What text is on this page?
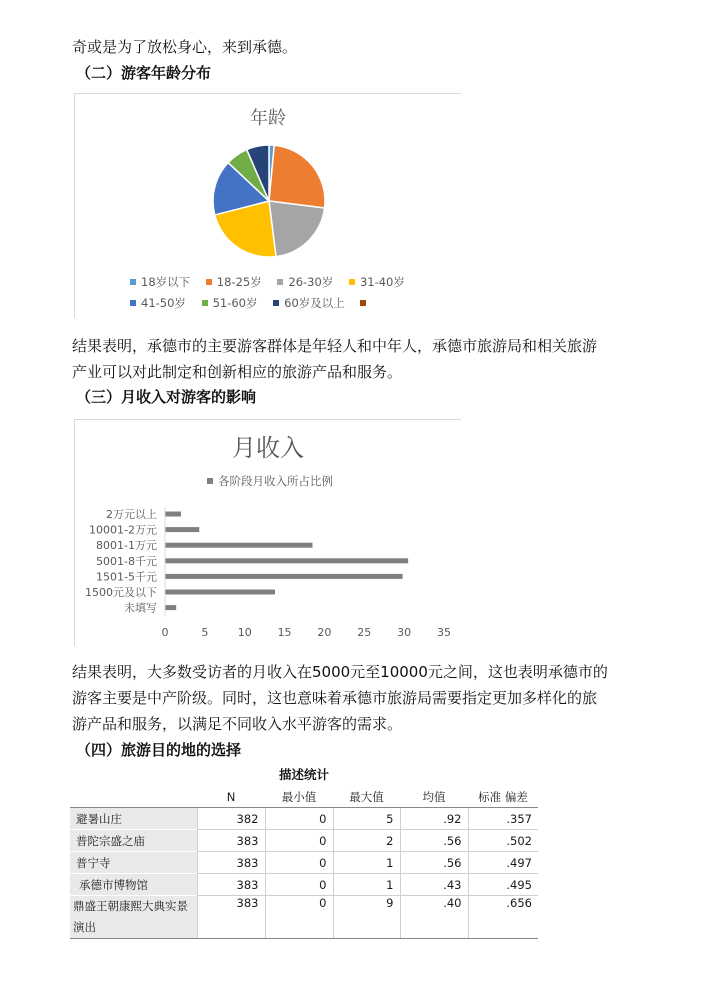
奇或是为了放松身心，来到承德。
（二）游客年龄分布
年龄
18岁以下 18-25岁 26-30岁 31-40岁
41-50岁 51-60岁 60岁及以上
结果表明，承德市的主要游客群体是年轻人和中年人，承德市旅游局和相关旅游
产业可以对此制定和创新相应的旅游产品和服务。
（三）月收入对游客的影响
月收入
各阶段月收入所占比例
2万元以上
10001-2万元
8001-1万元
5001-8千元
1501-5千元
1500元及以下
未填写
0	5	10 15 20 25 30 35
结果表明，大多数受访者的月收入在5000元至10000元之间，这也表明承德市的
游客主要是中产阶级。同时，这也意味着承德市旅游局需要指定更加多样化的旅
游产品和服务，以满足不同收入水平游客的需求。
（四）旅游目的地的选择
描述统计
	N	最小值	最大值	均值	标准 偏差
避暑山庄	382	0	5	.92	.357
普陀宗盛之庙	383	0	2	.56	.502
普宁寺	383	0	1	.56	.497
承德市博物馆	383	0	1	.43	.495
鼎盛王朝康熙大典实景演出	383	0	9	.40	.656
